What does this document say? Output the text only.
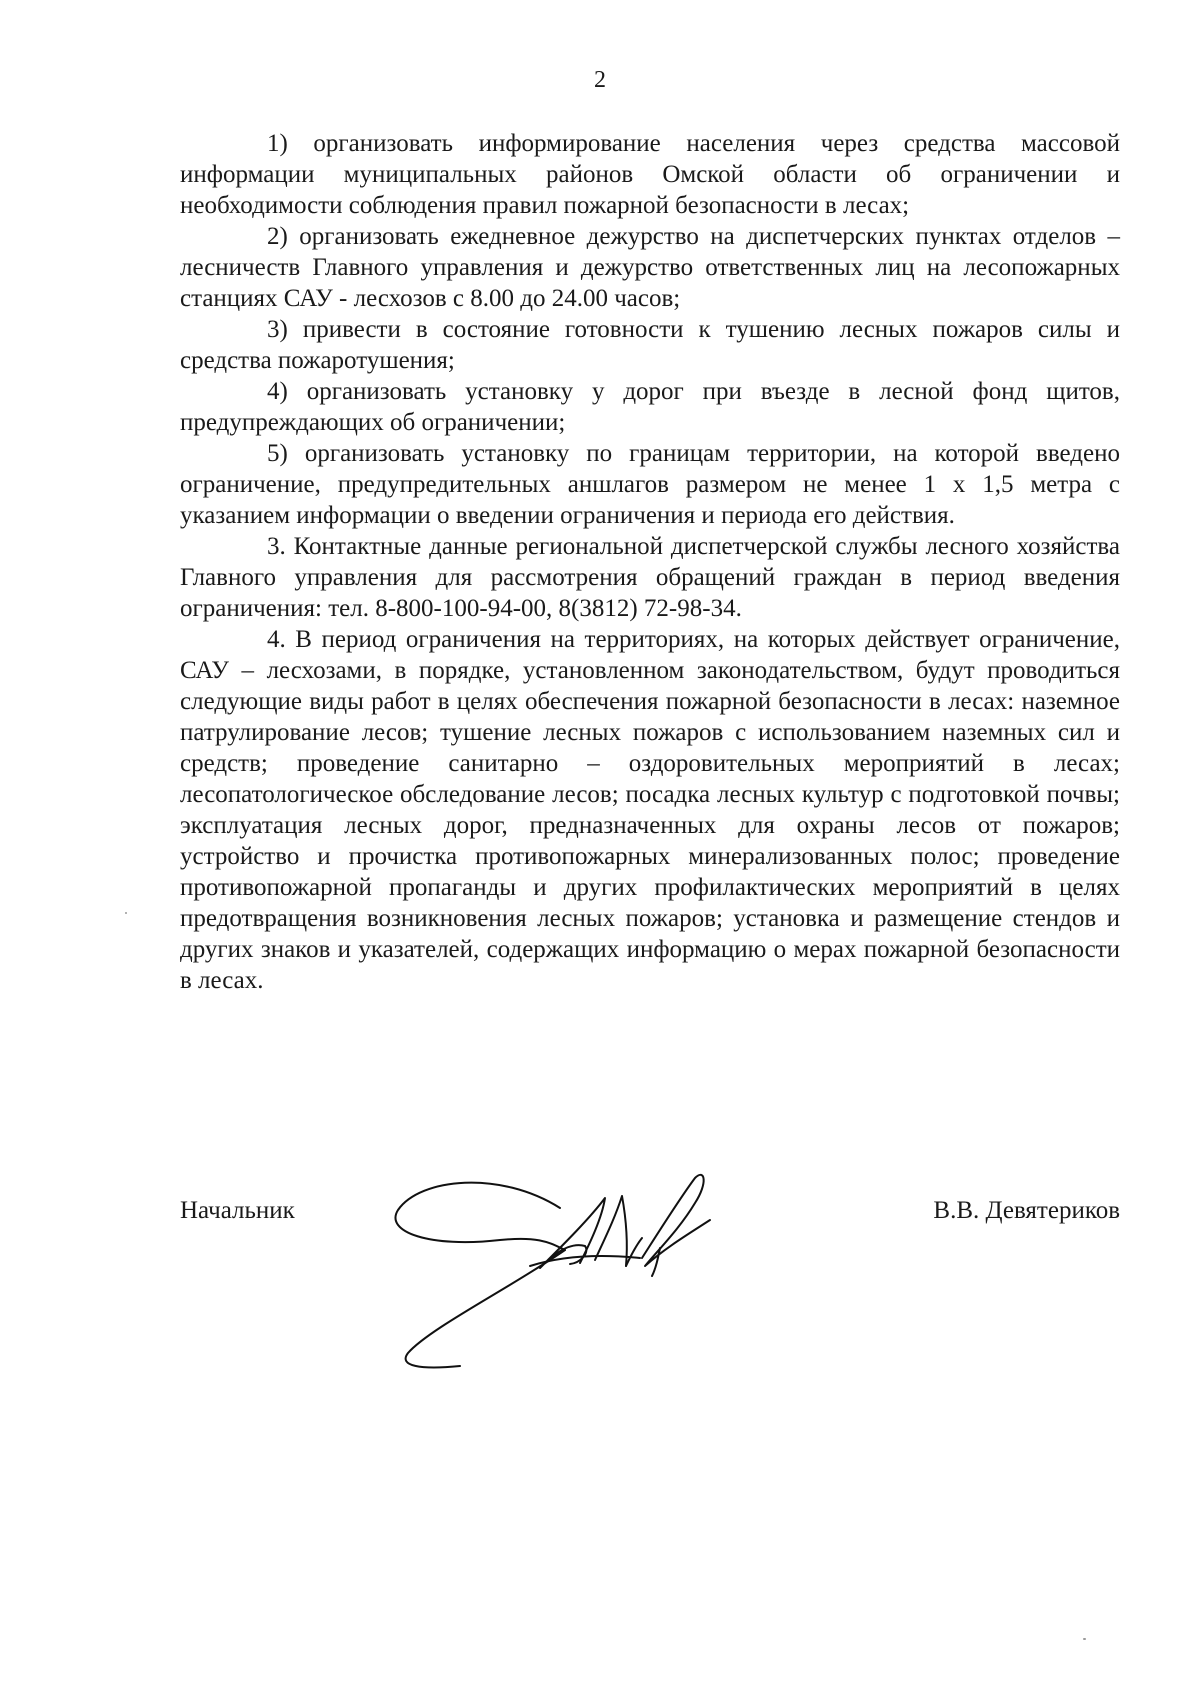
2

1) организовать информирование населения через средства массовой информации муниципальных районов Омской области об ограничении и необходимости соблюдения правил пожарной безопасности в лесах;

2) организовать ежедневное дежурство на диспетчерских пунктах отделов – лесничеств Главного управления и дежурство ответственных лиц на лесопожарных станциях САУ - лесхозов с 8.00 до 24.00 часов;

3) привести в состояние готовности к тушению лесных пожаров силы и средства пожаротушения;

4) организовать установку у дорог при въезде в лесной фонд щитов, предупреждающих об ограничении;

5) организовать установку по границам территории, на которой введено ограничение, предупредительных аншлагов размером не менее 1 х 1,5 метра с указанием информации о введении ограничения и периода его действия.

3. Контактные данные региональной диспетчерской службы лесного хозяйства Главного управления для рассмотрения обращений граждан в период введения ограничения: тел. 8-800-100-94-00, 8(3812) 72-98-34.

4. В период ограничения на территориях, на которых действует ограничение, САУ – лесхозами, в порядке, установленном законодательством, будут проводиться следующие виды работ в целях обеспечения пожарной безопасности в лесах: наземное патрулирование лесов; тушение лесных пожаров с использованием наземных сил и средств; проведение санитарно – оздоровительных мероприятий в лесах; лесопатологическое обследование лесов; посадка лесных культур с подготовкой почвы; эксплуатация лесных дорог, предназначенных для охраны лесов от пожаров; устройство и прочистка противопожарных минерализованных полос; проведение противопожарной пропаганды и других профилактических мероприятий в целях предотвращения возникновения лесных пожаров; установка и размещение стендов и других знаков и указателей, содержащих информацию о мерах пожарной безопасности в лесах.

Начальник	В.В. Девятериков
